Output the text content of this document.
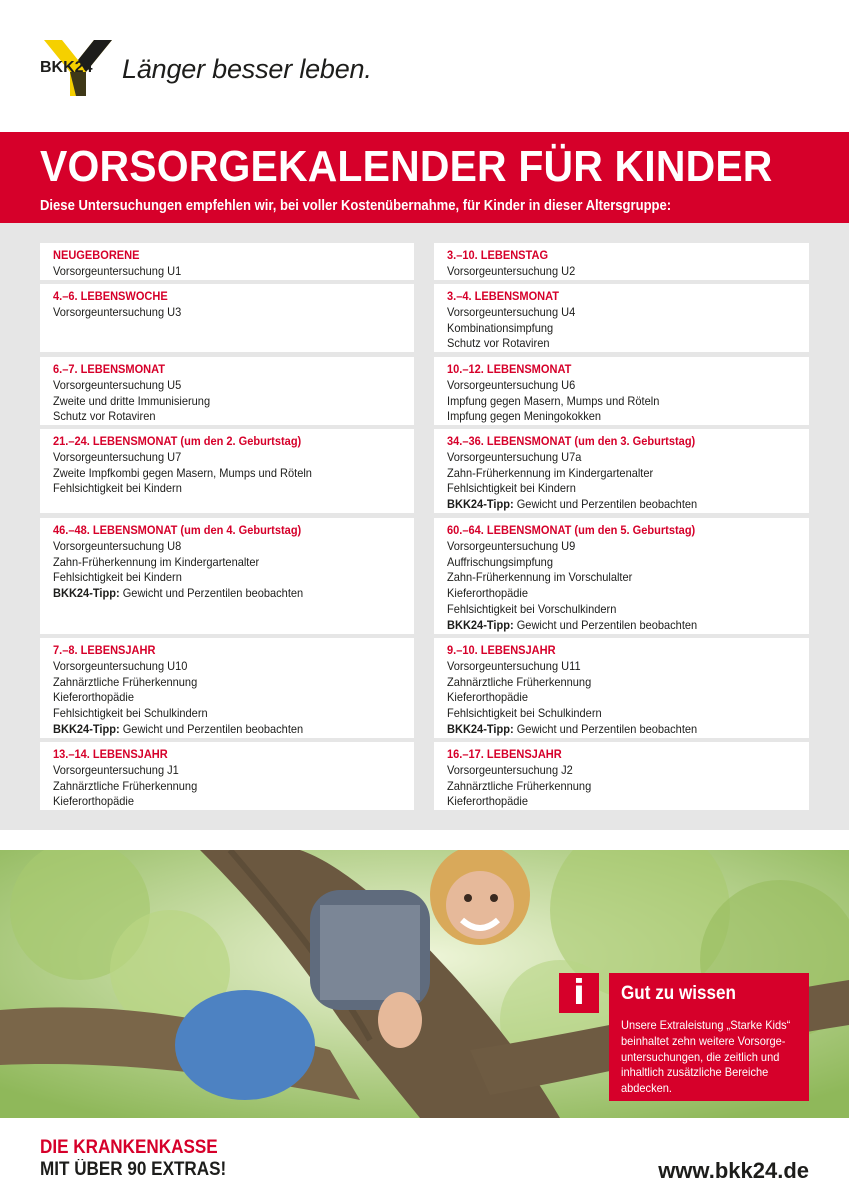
BKK24 Länger besser leben.
VORSORGEKALENDER FÜR KINDER
Diese Untersuchungen empfehlen wir, bei voller Kostenübernahme, für Kinder in dieser Altersgruppe:
NEUGEBORENE
Vorsorgeuntersuchung U1
3.–10. LEBENSTAG
Vorsorgeuntersuchung U2
4.–6. LEBENSWOCHE
Vorsorgeuntersuchung U3
3.–4. LEBENSMONAT
Vorsorgeuntersuchung U4
Kombinationsimpfung
Schutz vor Rotaviren
6.–7. LEBENSMONAT
Vorsorgeuntersuchung U5
Zweite und dritte Immunisierung
Schutz vor Rotaviren
10.–12. LEBENSMONAT
Vorsorgeuntersuchung U6
Impfung gegen Masern, Mumps und Röteln
Impfung gegen Meningokokken
21.–24. LEBENSMONAT (um den 2. Geburtstag)
Vorsorgeuntersuchung U7
Zweite Impfkombi gegen Masern, Mumps und Röteln
Fehlsichtigkeit bei Kindern
34.–36. LEBENSMONAT (um den 3. Geburtstag)
Vorsorgeuntersuchung U7a
Zahn-Früherkennung im Kindergartenalter
Fehlsichtigkeit bei Kindern
BKK24-Tipp: Gewicht und Perzentilen beobachten
46.–48. LEBENSMONAT (um den 4. Geburtstag)
Vorsorgeuntersuchung U8
Zahn-Früherkennung im Kindergartenalter
Fehlsichtigkeit bei Kindern
BKK24-Tipp: Gewicht und Perzentilen beobachten
60.–64. LEBENSMONAT (um den 5. Geburtstag)
Vorsorgeuntersuchung U9
Auffrischungsimpfung
Zahn-Früherkennung im Vorschulalter
Kieferorthopädie
Fehlsichtigkeit bei Vorschulkindern
BKK24-Tipp: Gewicht und Perzentilen beobachten
7.–8. LEBENSJAHR
Vorsorgeuntersuchung U10
Zahnärztliche Früherkennung
Kieferorthopädie
Fehlsichtigkeit bei Schulkindern
BKK24-Tipp: Gewicht und Perzentilen beobachten
9.–10. LEBENSJAHR
Vorsorgeuntersuchung U11
Zahnärztliche Früherkennung
Kieferorthopädie
Fehlsichtigkeit bei Schulkindern
BKK24-Tipp: Gewicht und Perzentilen beobachten
13.–14. LEBENSJAHR
Vorsorgeuntersuchung J1
Zahnärztliche Früherkennung
Kieferorthopädie
16.–17. LEBENSJAHR
Vorsorgeuntersuchung J2
Zahnärztliche Früherkennung
Kieferorthopädie
i	Gut zu wissen
Unsere Extraleistung „Starke Kids“ beinhaltet zehn weitere Vorsorge-untersuchungen, die zeitlich und inhaltlich zusätzliche Bereiche abdecken.
DIE KRANKENKASSE
MIT ÜBER 90 EXTRAS!	www.bkk24.de
